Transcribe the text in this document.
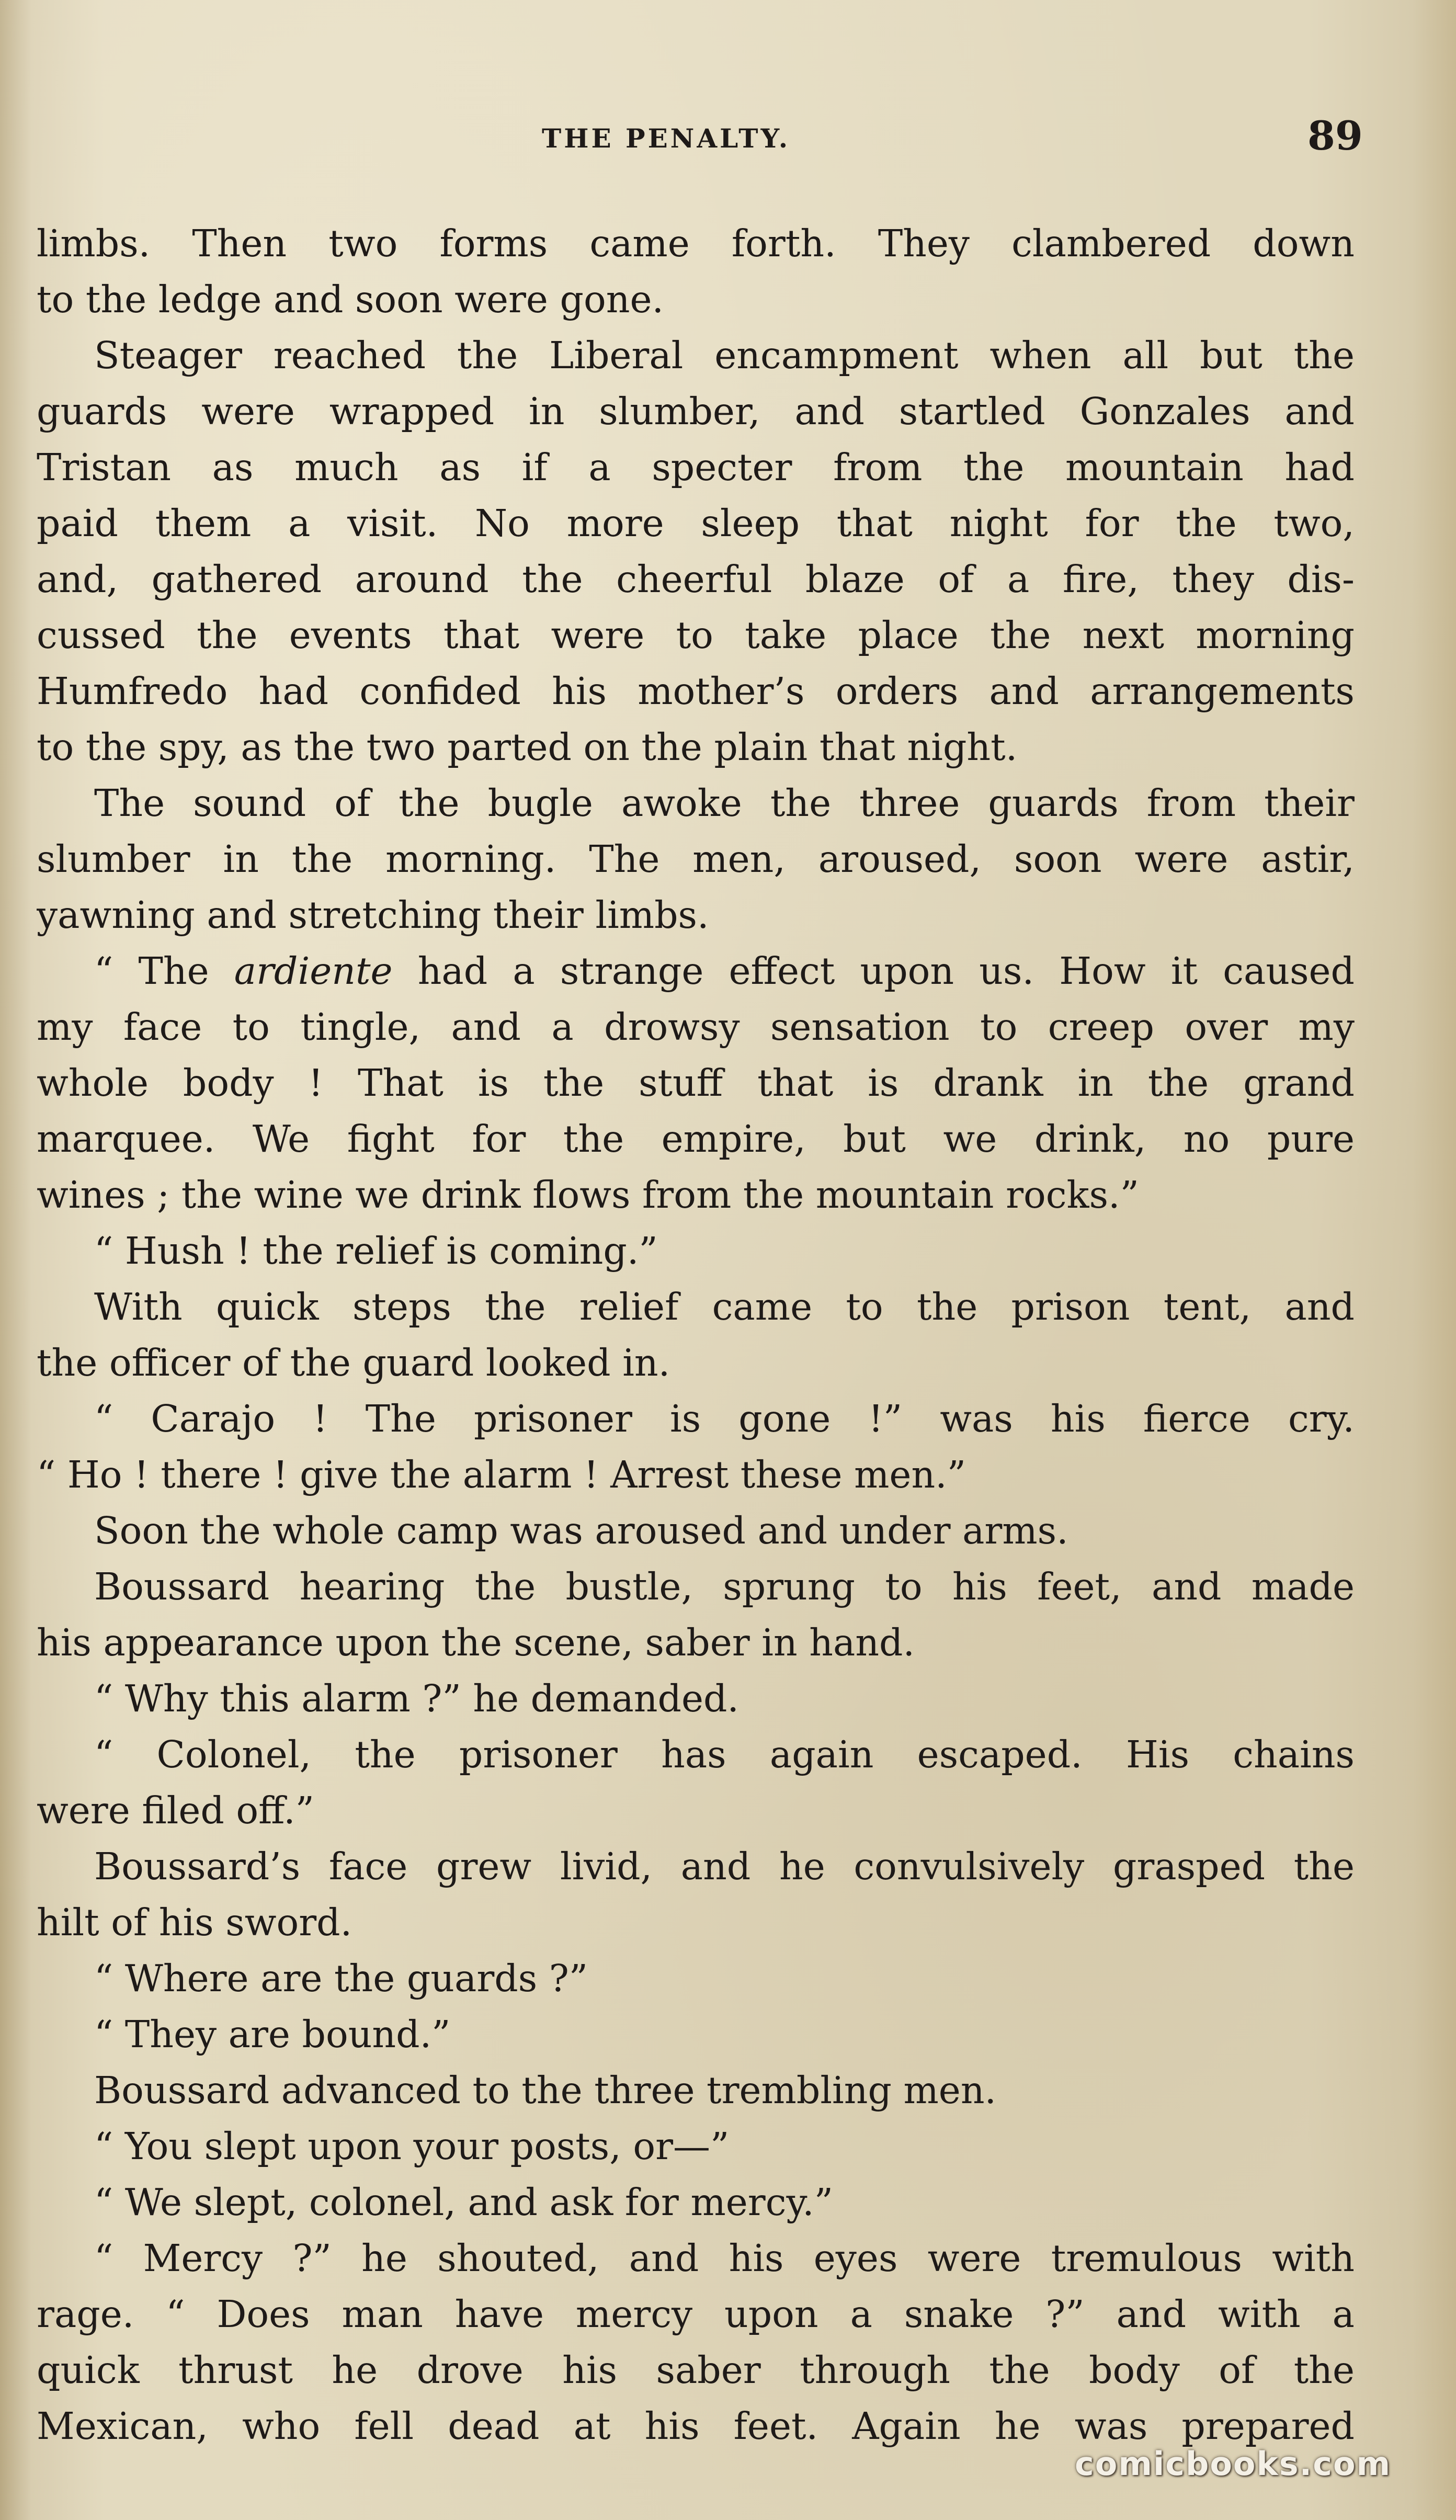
THE PENALTY.	89
limbs. Then two forms came forth. They clambered down
to the ledge and soon were gone.
Steager reached the Liberal encampment when all but the
guards were wrapped in slumber, and startled Gonzales and
Tristan as much as if a specter from the mountain had
paid them a visit. No more sleep that night for the two,
and, gathered around the cheerful blaze of a fire, they dis-
cussed the events that were to take place the next morning
Humfredo had confided his mother’s orders and arrangements
to the spy, as the two parted on the plain that night.
The sound of the bugle awoke the three guards from their
slumber in the morning. The men, aroused, soon were astir,
yawning and stretching their limbs.
“ The ardiente had a strange effect upon us. How it caused
my face to tingle, and a drowsy sensation to creep over my
whole body ! That is the stuff that is drank in the grand
marquee. We fight for the empire, but we drink, no pure
wines ; the wine we drink flows from the mountain rocks.”
“ Hush ! the relief is coming.”
With quick steps the relief came to the prison tent, and
the officer of the guard looked in.
“ Carajo ! The prisoner is gone !” was his fierce cry.
“ Ho ! there ! give the alarm ! Arrest these men.”
Soon the whole camp was aroused and under arms.
Boussard hearing the bustle, sprung to his feet, and made
his appearance upon the scene, saber in hand.
“ Why this alarm ?” he demanded.
“ Colonel, the prisoner has again escaped. His chains
were filed off.”
Boussard’s face grew livid, and he convulsively grasped the
hilt of his sword.
“ Where are the guards ?”
“ They are bound.”
Boussard advanced to the three trembling men.
“ You slept upon your posts, or—”
“ We slept, colonel, and ask for mercy.”
“ Mercy ?” he shouted, and his eyes were tremulous with
rage. “ Does man have mercy upon a snake ?” and with a
quick thrust he drove his saber through the body of the
Mexican, who fell dead at his feet. Again he was prepared
comicbooks.com
